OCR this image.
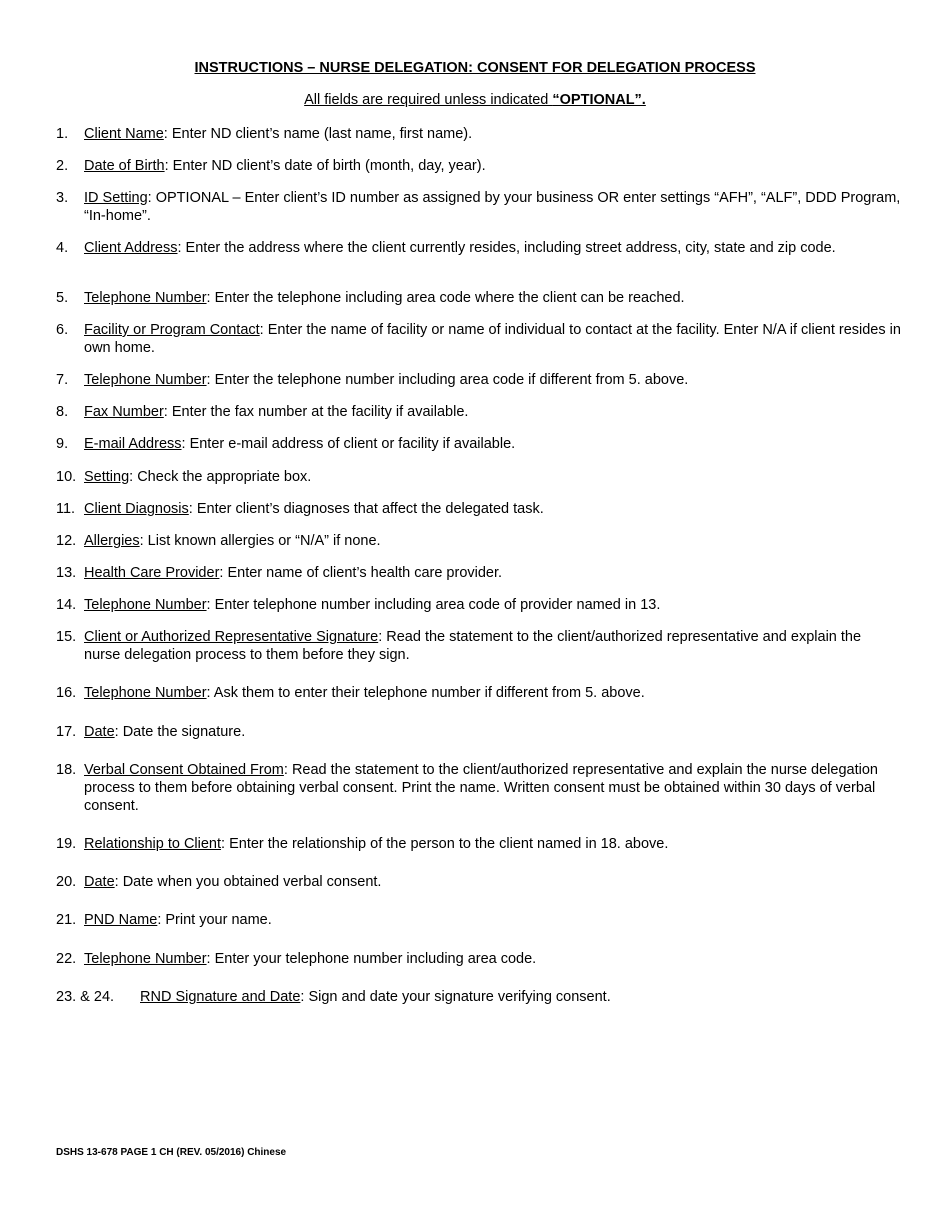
INSTRUCTIONS – NURSE DELEGATION: CONSENT FOR DELEGATION PROCESS
All fields are required unless indicated “OPTIONAL”.
1. Client Name: Enter ND client’s name (last name, first name).
2. Date of Birth: Enter ND client’s date of birth (month, day, year).
3. ID Setting: OPTIONAL – Enter client’s ID number as assigned by your business OR enter settings “AFH”, “ALF”, DDD Program, “In-home”.
4. Client Address: Enter the address where the client currently resides, including street address, city, state and zip code.
5. Telephone Number: Enter the telephone including area code where the client can be reached.
6. Facility or Program Contact: Enter the name of facility or name of individual to contact at the facility. Enter N/A if client resides in own home.
7. Telephone Number: Enter the telephone number including area code if different from 5. above.
8. Fax Number: Enter the fax number at the facility if available.
9. E-mail Address: Enter e-mail address of client or facility if available.
10. Setting: Check the appropriate box.
11. Client Diagnosis: Enter client’s diagnoses that affect the delegated task.
12. Allergies: List known allergies or “N/A” if none.
13. Health Care Provider: Enter name of client’s health care provider.
14. Telephone Number: Enter telephone number including area code of provider named in 13.
15. Client or Authorized Representative Signature: Read the statement to the client/authorized representative and explain the nurse delegation process to them before they sign.
16. Telephone Number: Ask them to enter their telephone number if different from 5. above.
17. Date: Date the signature.
18. Verbal Consent Obtained From: Read the statement to the client/authorized representative and explain the nurse delegation process to them before obtaining verbal consent. Print the name. Written consent must be obtained within 30 days of verbal consent.
19. Relationship to Client: Enter the relationship of the person to the client named in 18. above.
20. Date: Date when you obtained verbal consent.
21. PND Name: Print your name.
22. Telephone Number: Enter your telephone number including area code.
23. & 24. RND Signature and Date: Sign and date your signature verifying consent.
DSHS 13-678 PAGE 1 CH (REV. 05/2016) Chinese
